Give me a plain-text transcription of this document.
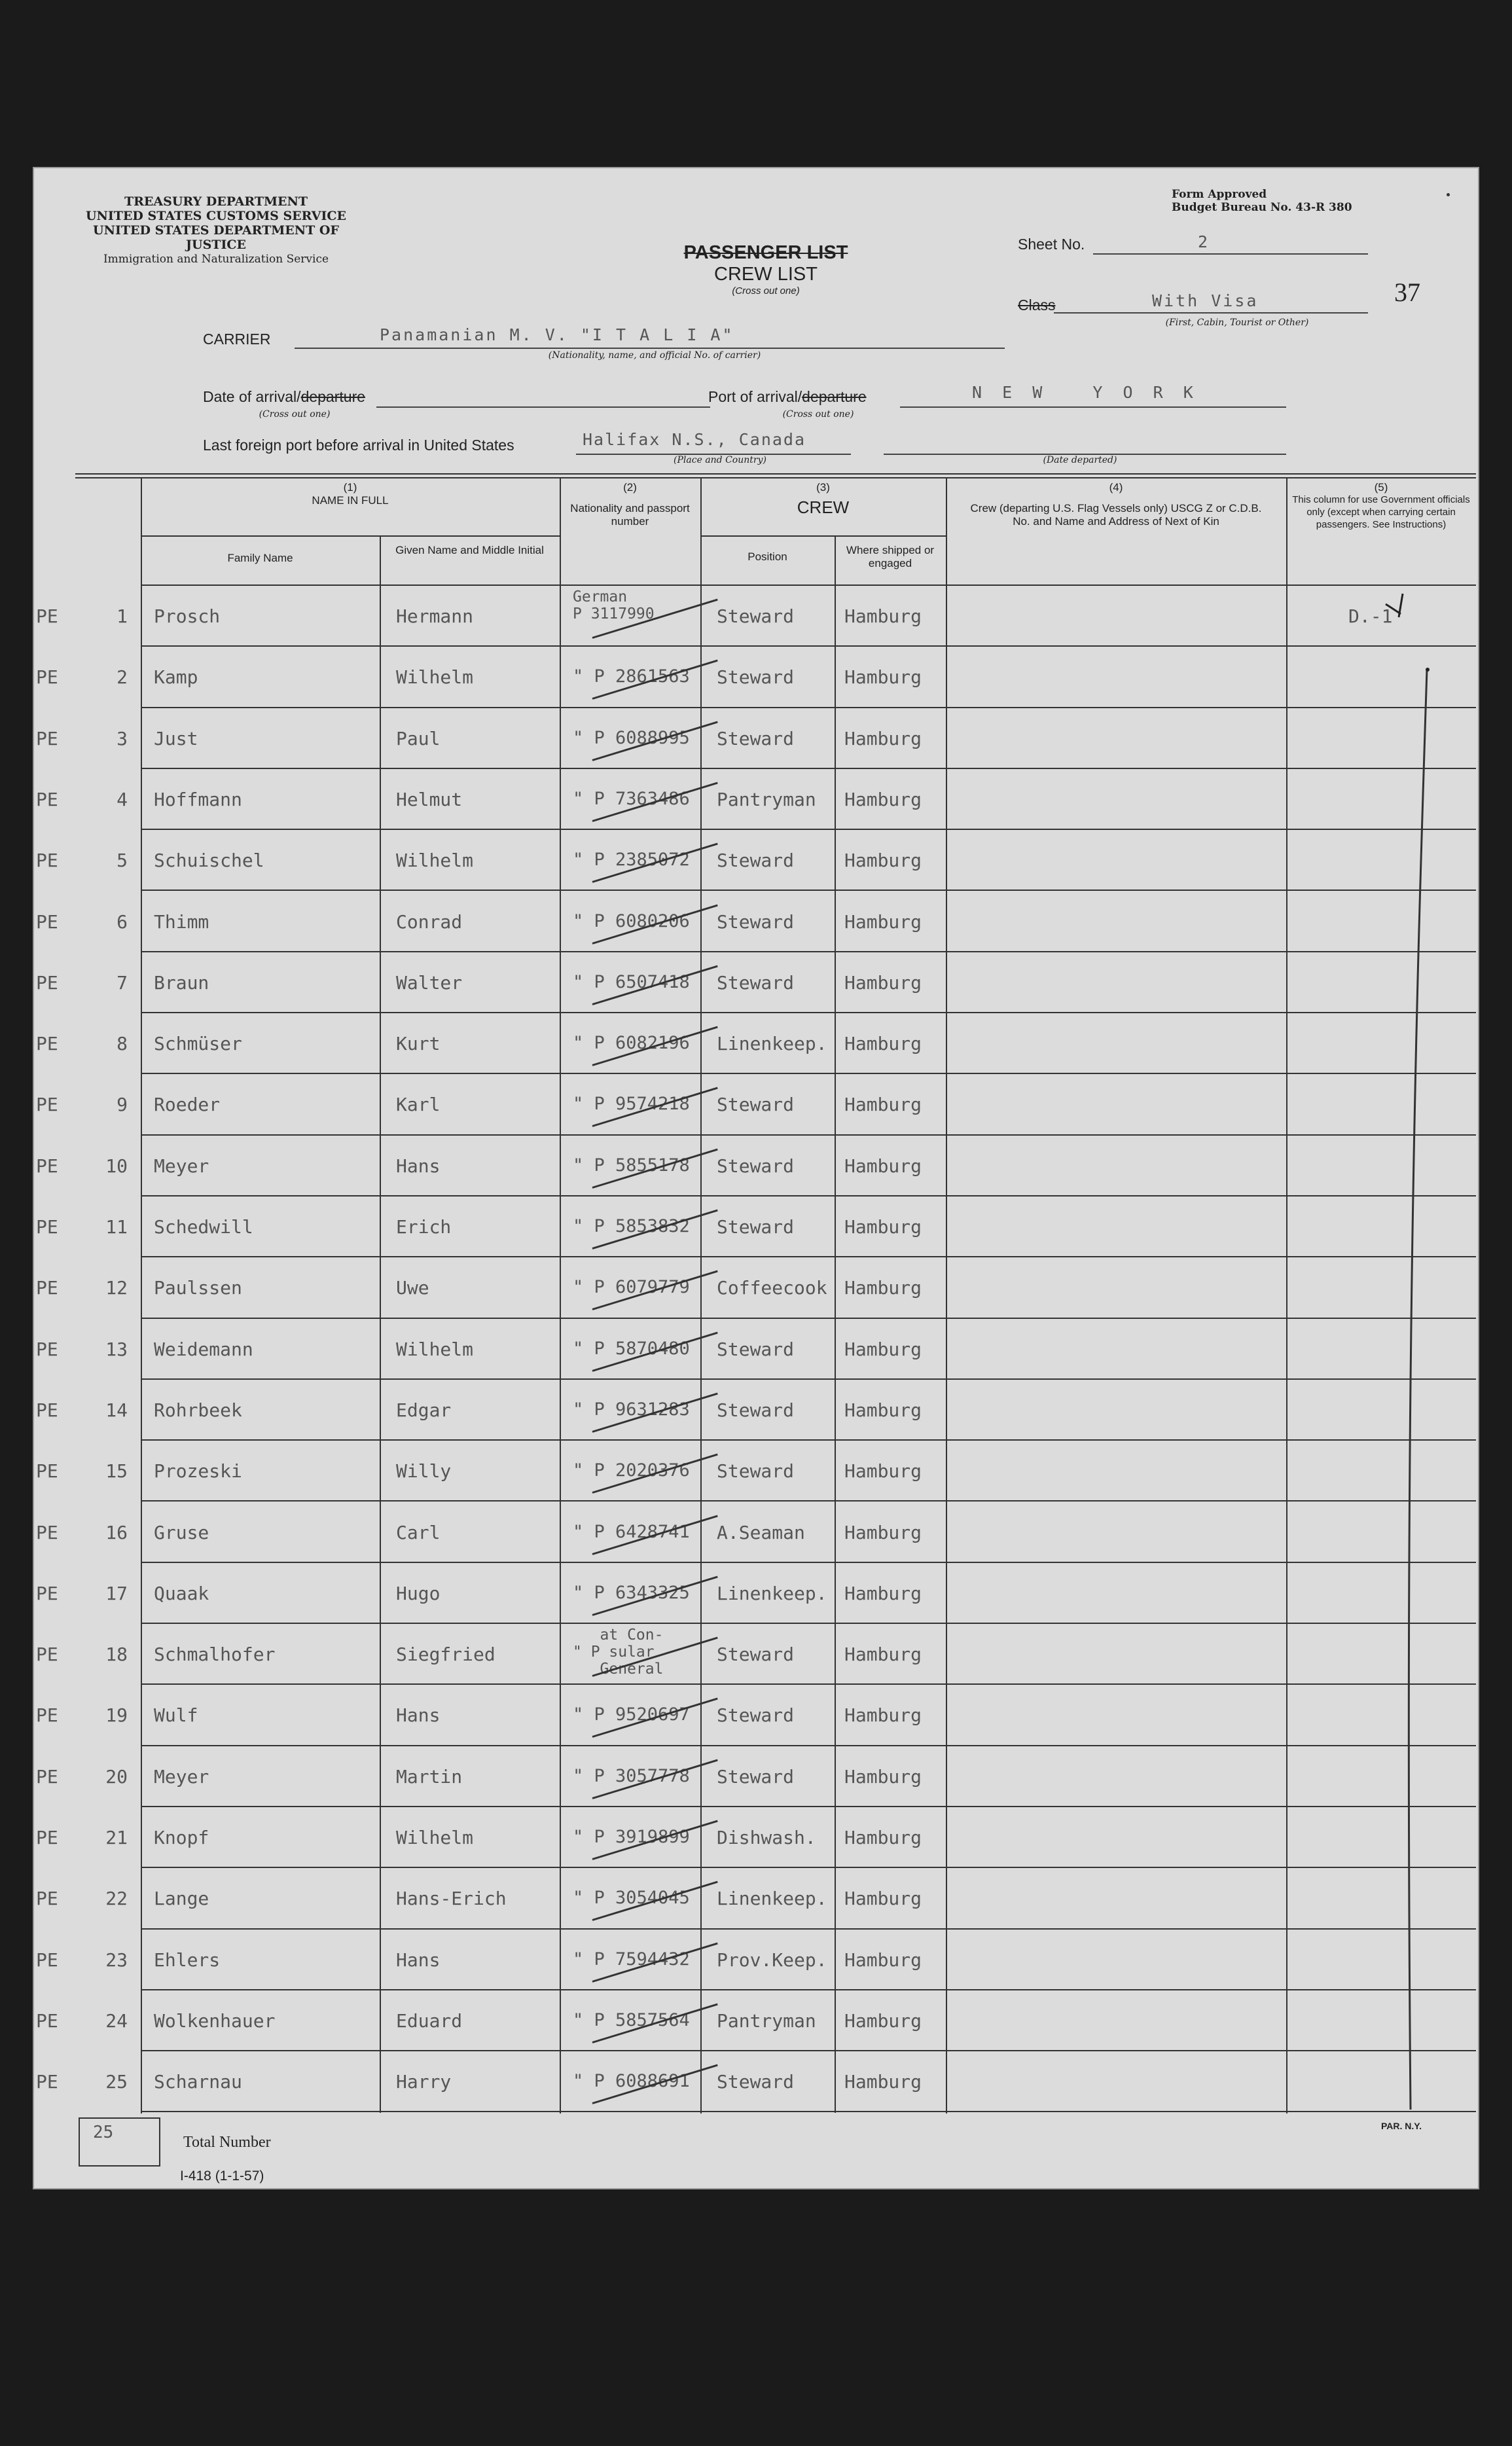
TREASURY DEPARTMENT
UNITED STATES CUSTOMS SERVICE
UNITED STATES DEPARTMENT OF JUSTICE
Immigration and Naturalization Service
Form Approved
Budget Bureau No. 43-R 380
PASSENGER LIST
CREW LIST
(Cross out one)
Sheet No.	2
37
Class	With Visa
(First, Cabin, Tourist or Other)
CARRIER	Panamanian M. V. "I T A L I A"
(Nationality, name, and official No. of carrier)
Date of arrival/departure
(Cross out one)
Port of arrival/departure	N E W   Y O R K
(Cross out one)
Last foreign port before arrival in United States	Halifax N.S., Canada
(Place and Country)	(Date departed)
(1)
NAME IN FULL
Family Name
Given Name and Middle Initial
(2)
Nationality and passport number
(3)
CREW
Position
Where shipped or engaged
(4)
Crew (departing U.S. Flag Vessels only) USCG Z or C.D.B. No. and Name and Address of Next of Kin
(5)
This column for use Government officials only (except when carrying certain passengers. See Instructions)
PE	1 Prosch	Hermann
German
P 3117990	Steward	Hamburg	D.-1
PE	2 Kamp	Wilhelm	" P 2861563 Steward	Hamburg
PE	3 Just	Paul	" P 6088995 Steward	Hamburg
PE	4 Hoffmann	Helmut	" P 7363486 Pantryman Hamburg
PE	5 Schuischel	Wilhelm	" P 2385072 Steward	Hamburg
PE	6 Thimm	Conrad	" P 6080206 Steward	Hamburg
PE	7 Braun	Walter	" P 6507418 Steward	Hamburg
PE	8 Schmüser	Kurt	" P 6082196 Linenkeep. Hamburg
PE	9 Roeder	Karl	" P 9574218 Steward	Hamburg
PE	10 Meyer	Hans	" P 5855178 Steward	Hamburg
PE	11 Schedwill	Erich	" P 5853832 Steward	Hamburg
PE	12 Paulssen	Uwe	" P 6079779 Coffeecook Hamburg
PE	13 Weidemann	Wilhelm	" P 5870480 Steward	Hamburg
PE	14 Rohrbeek	Edgar	" P 9631283 Steward	Hamburg
PE	15 Prozeski	Willy	" P 2020376 Steward	Hamburg
PE	16 Gruse	Carl	" P 6428741 A.Seaman Hamburg
PE	17 Quaak	Hugo	" P 6343325 Linenkeep. Hamburg
PE	18 Schmalhofer	Siegfried
at Con-
" P sular
General
Steward	Hamburg
PE	19 Wulf	Hans	" P 9520697 Steward	Hamburg
PE	20 Meyer	Martin	" P 3057778 Steward	Hamburg
PE	21 Knopf	Wilhelm	" P 3919899 Dishwash. Hamburg
PE	22 Lange	Hans-Erich	" P 3054045 Linenkeep. Hamburg
PE	23 Ehlers	Hans	" P 7594432 Prov.Keep. Hamburg
PE	24 Wolkenhauer	Eduard	" P 5857564 Pantryman Hamburg
PE	25 Scharnau	Harry	" P 6088691 Steward	Hamburg
25	Total Number
I-418 (1-1-57)
PAR. N.Y.
